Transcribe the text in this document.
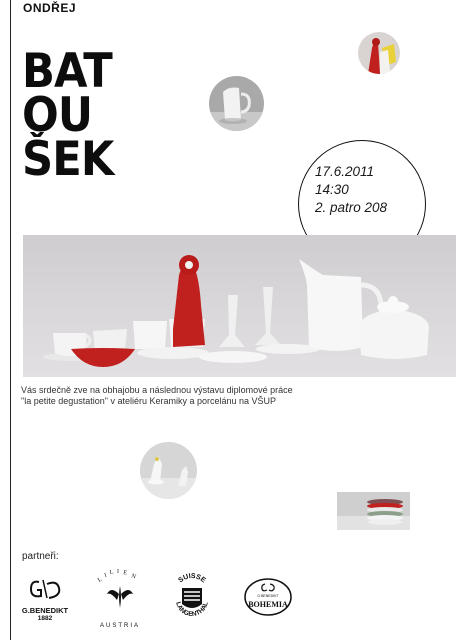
ONDŘEJ
BAT
OU
ŠEK	17.6.2011
14:30
2. patro 208
Vás srdečně zve na obhajobu a následnou výstavu diplomové práce
"la petite degustation" v ateliéru Keramiky a porcelánu na VŠUP
partneři:
G.BENEDIKT
1882
L
I L I E N
AUSTRIA
SUISSE
LANGENTHAL
G.BENEDIKT
BOHEMIA
